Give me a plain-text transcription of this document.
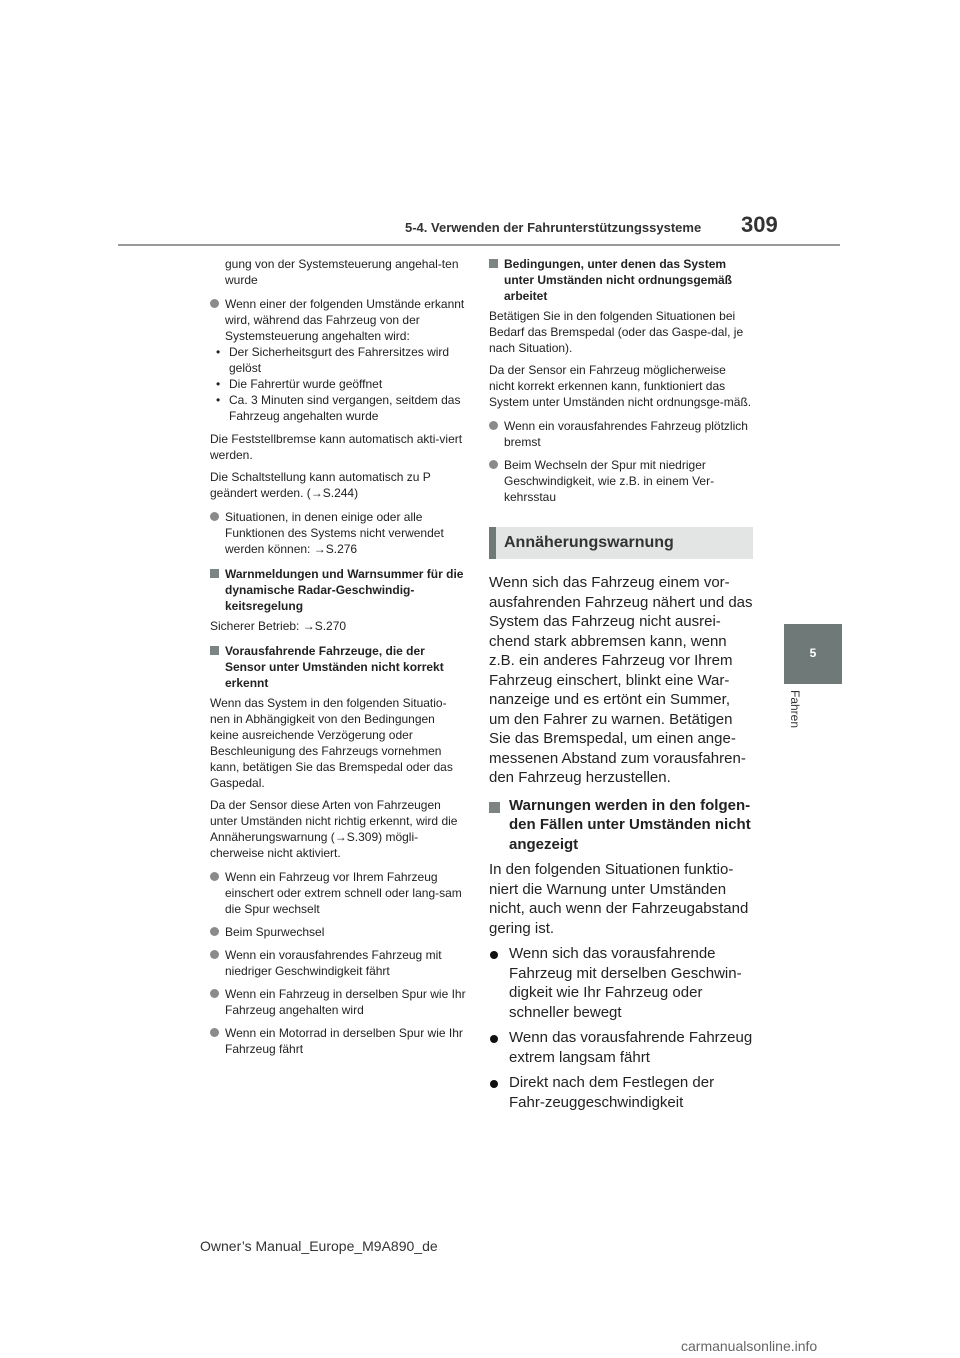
5-4. Verwenden der Fahrunterstützungssysteme 309
5
Fahren

gung von der Systemsteuerung angehal-ten wurde

Wenn einer der folgenden Umstände erkannt wird, während das Fahrzeug von der Systemsteuerung angehalten wird:

• Der Sicherheitsgurt des Fahrersitzes wird gelöst

• Die Fahrertür wurde geöffnet

• Ca. 3 Minuten sind vergangen, seitdem das Fahrzeug angehalten wurde

Die Feststellbremse kann automatisch akti-viert werden.

Die Schaltstellung kann automatisch zu P geändert werden. (→S.244)

Situationen, in denen einige oder alle Funktionen des Systems nicht verwendet werden können: →S.276

Warnmeldungen und Warnsummer für die dynamische Radar-Geschwindig-keitsregelung

Sicherer Betrieb: →S.270

Vorausfahrende Fahrzeuge, die der Sensor unter Umständen nicht korrekt erkennt

Wenn das System in den folgenden Situatio-nen in Abhängigkeit von den Bedingungen keine ausreichende Verzögerung oder Beschleunigung des Fahrzeugs vornehmen kann, betätigen Sie das Bremspedal oder das Gaspedal.

Da der Sensor diese Arten von Fahrzeugen unter Umständen nicht richtig erkennt, wird die Annäherungswarnung (→S.309) mögli-cherweise nicht aktiviert.

Wenn ein Fahrzeug vor Ihrem Fahrzeug einschert oder extrem schnell oder lang-sam die Spur wechselt

Beim Spurwechsel

Wenn ein vorausfahrendes Fahrzeug mit niedriger Geschwindigkeit fährt

Wenn ein Fahrzeug in derselben Spur wie Ihr Fahrzeug angehalten wird

Wenn ein Motorrad in derselben Spur wie Ihr Fahrzeug fährt

Bedingungen, unter denen das System unter Umständen nicht ordnungsgemäß arbeitet

Betätigen Sie in den folgenden Situationen bei Bedarf das Bremspedal (oder das Gaspe-dal, je nach Situation).

Da der Sensor ein Fahrzeug möglicherweise nicht korrekt erkennen kann, funktioniert das System unter Umständen nicht ordnungsge-mäß.

Wenn ein vorausfahrendes Fahrzeug plötzlich bremst

Beim Wechseln der Spur mit niedriger Geschwindigkeit, wie z.B. in einem Ver-kehrsstau

Annäherungswarnung

Wenn sich das Fahrzeug einem vor-ausfahrenden Fahrzeug nähert und das System das Fahrzeug nicht ausrei-chend stark abbremsen kann, wenn z.B. ein anderes Fahrzeug vor Ihrem Fahrzeug einschert, blinkt eine War-nanzeige und es ertönt ein Summer, um den Fahrer zu warnen. Betätigen Sie das Bremspedal, um einen ange-messenen Abstand zum vorausfahren-den Fahrzeug herzustellen.

Warnungen werden in den folgen-den Fällen unter Umständen nicht angezeigt

In den folgenden Situationen funktio-niert die Warnung unter Umständen nicht, auch wenn der Fahrzeugabstand gering ist.

Wenn sich das vorausfahrende Fahrzeug mit derselben Geschwin-digkeit wie Ihr Fahrzeug oder schneller bewegt

Wenn das vorausfahrende Fahrzeug extrem langsam fährt

Direkt nach dem Festlegen der Fahr-zeuggeschwindigkeit

Owner’s Manual_Europe_M9A890_de
carmanualsonline.info
